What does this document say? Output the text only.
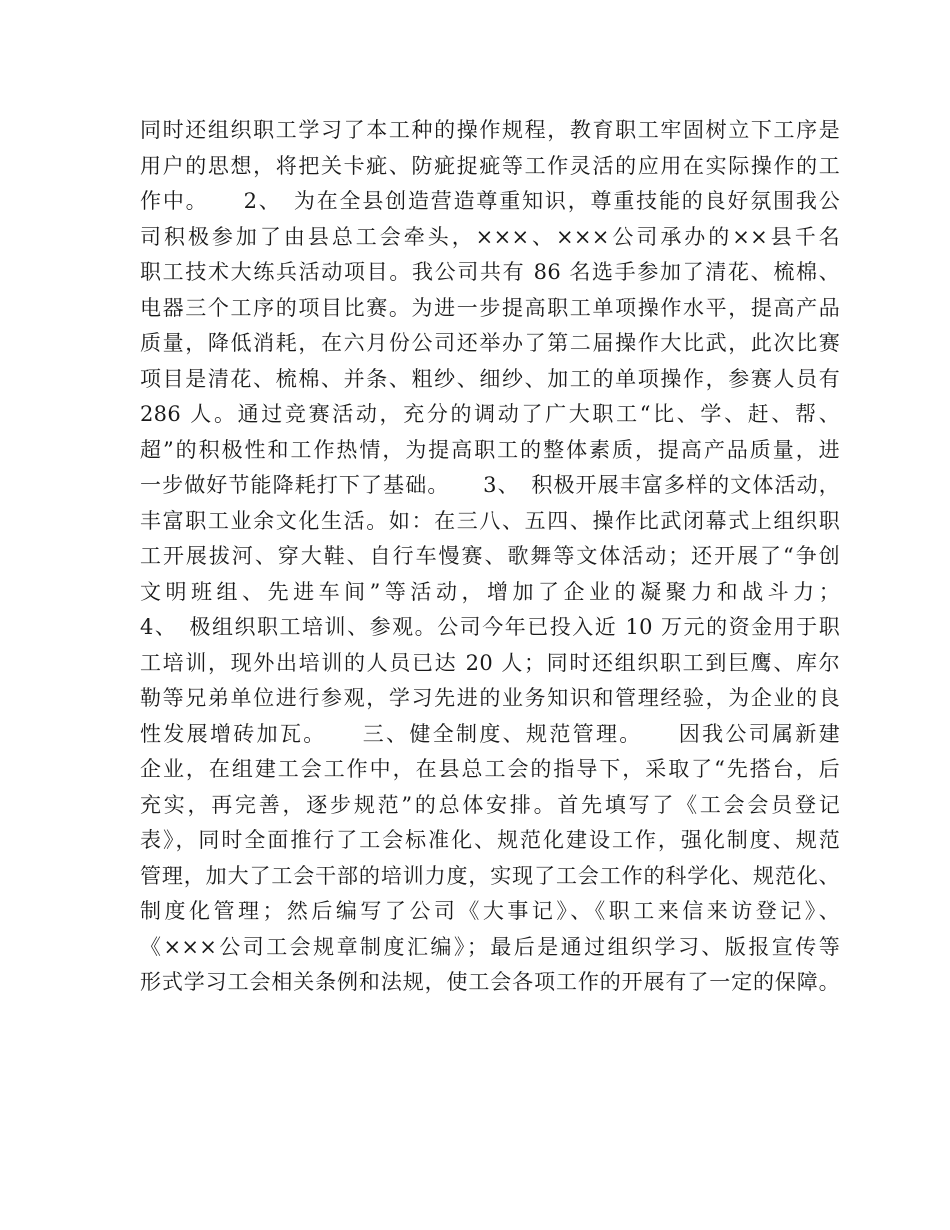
同时还组织职工学习了本工种的操作规程，教育职工牢固树立下工序是
用户的思想，将把关卡疵、防疵捉疵等工作灵活的应用在实际操作的工
作中。　　2、　为在全县创造营造尊重知识，尊重技能的良好氛围我公
司积极参加了由县总工会牵头，×××、×××公司承办的××县千名
职工技术大练兵活动项目。我公司共有 86 名选手参加了清花、梳棉、
电器三个工序的项目比赛。为进一步提高职工单项操作水平，提高产品
质量，降低消耗，在六月份公司还举办了第二届操作大比武，此次比赛
项目是清花、梳棉、并条、粗纱、细纱、加工的单项操作，参赛人员有
286 人。通过竞赛活动，充分的调动了广大职工“比、学、赶、帮、
超”的积极性和工作热情，为提高职工的整体素质，提高产品质量，进
一步做好节能降耗打下了基础。　　3、　积极开展丰富多样的文体活动，
丰富职工业余文化生活。如：在三八、五四、操作比武闭幕式上组织职
工开展拔河、穿大鞋、自行车慢赛、歌舞等文体活动；还开展了“争创
文明班组、先进车间”等活动，增加了企业的凝聚力和战斗力；
4、　极组织职工培训、参观。公司今年已投入近 10 万元的资金用于职
工培训，现外出培训的人员已达 20 人；同时还组织职工到巨鹰、库尔
勒等兄弟单位进行参观，学习先进的业务知识和管理经验，为企业的良
性发展增砖加瓦。　　三、健全制度、规范管理。　　因我公司属新建
企业，在组建工会工作中，在县总工会的指导下，采取了“先搭台，后
充实，再完善，逐步规范”的总体安排。首先填写了《工会会员登记
表》，同时全面推行了工会标准化、规范化建设工作，强化制度、规范
管理，加大了工会干部的培训力度，实现了工会工作的科学化、规范化、
制度化管理；然后编写了公司《大事记》、《职工来信来访登记》、
《×××公司工会规章制度汇编》；最后是通过组织学习、版报宣传等
形式学习工会相关条例和法规，使工会各项工作的开展有了一定的保障。
